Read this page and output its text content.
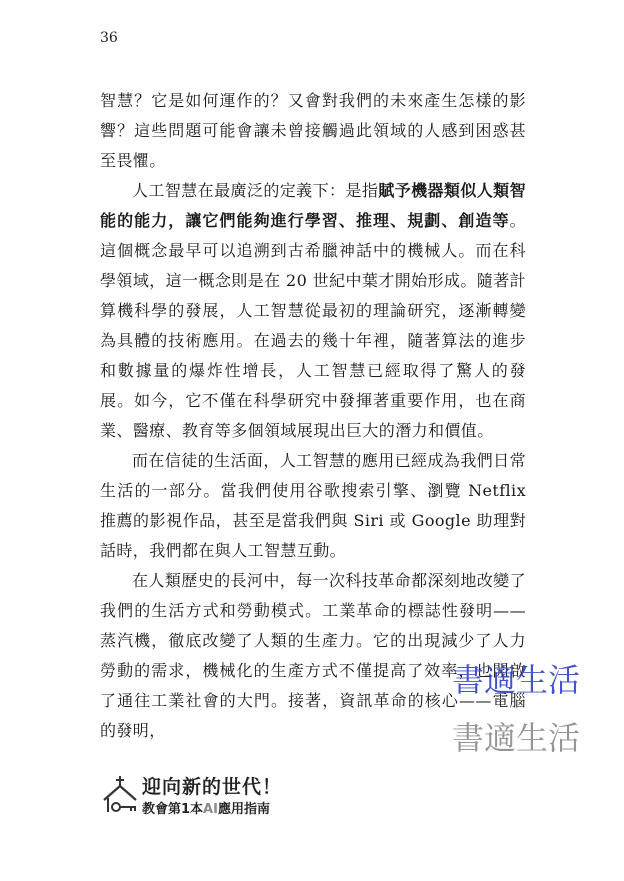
36

智慧？它是如何運作的？又會對我們的未來產生怎樣的影響？這些問題可能會讓未曾接觸過此領域的人感到困惑甚至畏懼。

人工智慧在最廣泛的定義下：是指賦予機器類似人類智能的能力，讓它們能夠進行學習、推理、規劃、創造等。這個概念最早可以追溯到古希臘神話中的機械人。而在科學領域，這一概念則是在 20 世紀中葉才開始形成。隨著計算機科學的發展，人工智慧從最初的理論研究，逐漸轉變為具體的技術應用。在過去的幾十年裡，隨著算法的進步和數據量的爆炸性增長，人工智慧已經取得了驚人的發展。如今，它不僅在科學研究中發揮著重要作用，也在商業、醫療、教育等多個領域展現出巨大的潛力和價值。

而在信徒的生活面，人工智慧的應用已經成為我們日常生活的一部分。當我們使用谷歌搜索引擎、瀏覽 Netflix 推薦的影視作品，甚至是當我們與 Siri 或 Google 助理對話時，我們都在與人工智慧互動。

在人類歷史的長河中，每一次科技革命都深刻地改變了我們的生活方式和勞動模式。工業革命的標誌性發明——蒸汽機，徹底改變了人類的生產力。它的出現減少了人力勞動的需求，機械化的生產方式不僅提高了效率，也開啟了通往工業社會的大門。接著，資訊革命的核心——電腦的發明，

書適生活
書適生活
迎向新的世代！
教會第1本AI應用指南
